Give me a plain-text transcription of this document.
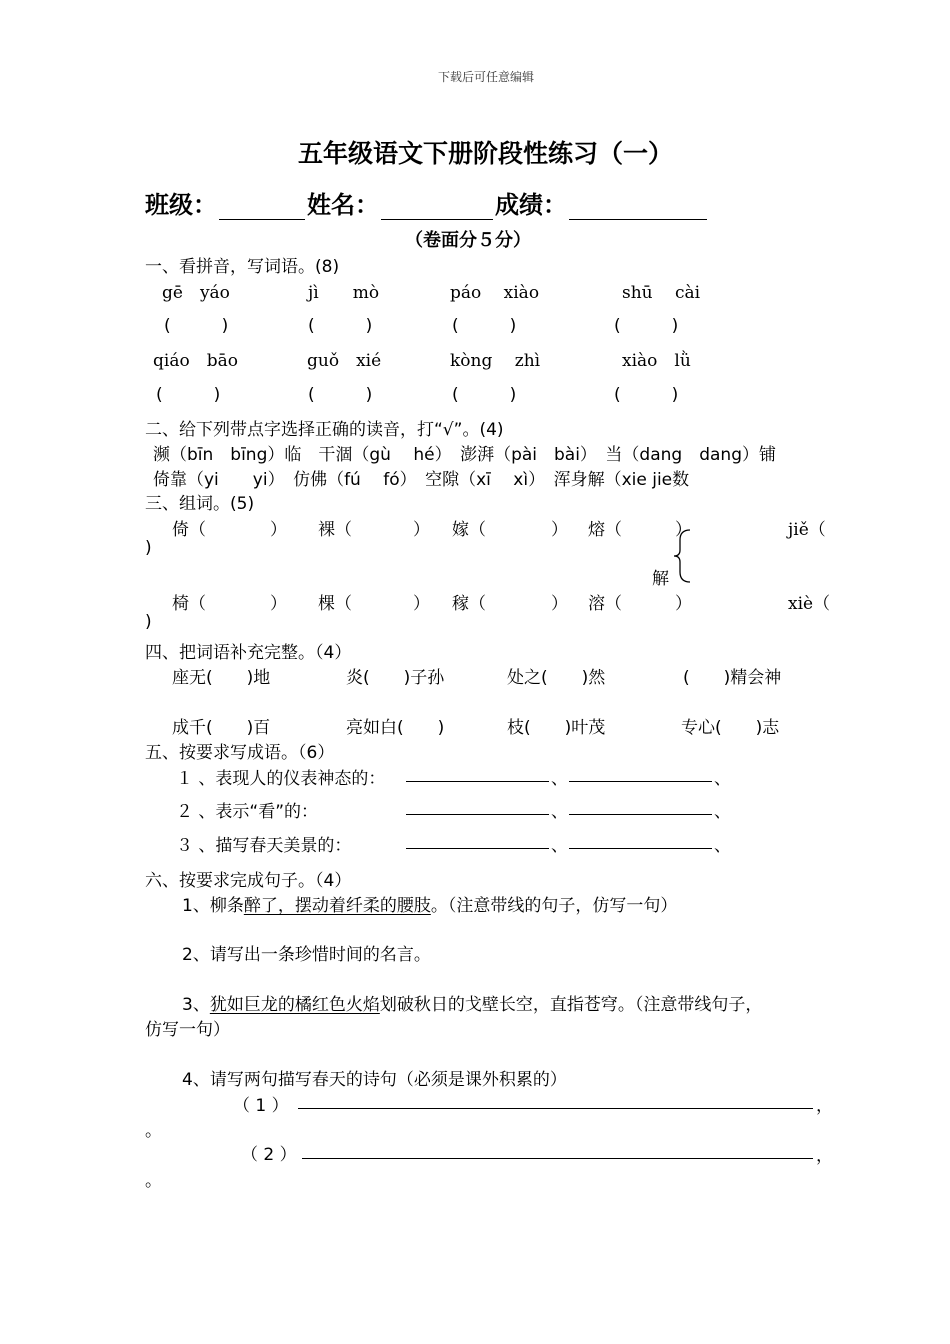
下载后可任意编辑
五年级语文下册阶段性练习（一）
班级：	姓名：	成绩：
（卷面分５分）
一、看拼音，写词语。(8)
gē　yáo	jì　　mò	páo　 xiào	shū　 cài
(　　　)	(　　　)	(　　　)	(　　　)
qiáo　bāo	guǒ　xié	kòng　 zhì	xiào　lǜ
(　　　)	(　　　)	(　　　)	(　　　)
二、给下列带点字选择正确的读音，打“√”。(4)
濒（bīn　bīng）临　干涸（gù　 hé）　澎湃（pài　bài）　当（dang　dang）铺
倚靠（yi　　yi）　仿佛（fú　 fó）　空隙（xī　 xì）　浑身解（xie jie数
三、组词。(5)
倚（	） 裸（	） 嫁（	） 熔（	）	jiě（
)
解
椅（	） 棵（	） 稼（	） 溶（	）	xiè（
)
四、把词语补充完整。（4）
座无(　　)地	炎(　　)子孙	处之(　　)然	(　　)精会神
成千(　　)百	亮如白(　　)	枝(　　)叶茂	专心(　　)志
五、按要求写成语。（6）
１ 、表现人的仪表神态的：	、	、
２ 、表示“看”的：	、	、
３ 、描写春天美景的：	、	、
六、按要求完成句子。（4）
1、柳条醉了，摆动着纤柔的腰肢。（注意带线的句子，仿写一句）
2、请写出一条珍惜时间的名言。
3、犹如巨龙的橘红色火焰划破秋日的戈壁长空，直指苍穹。（注意带线句子，
仿写一句）
4、请写两句描写春天的诗句（必须是课外积累的）
（ 1 ）	，
。
（ 2 ）	，
。
